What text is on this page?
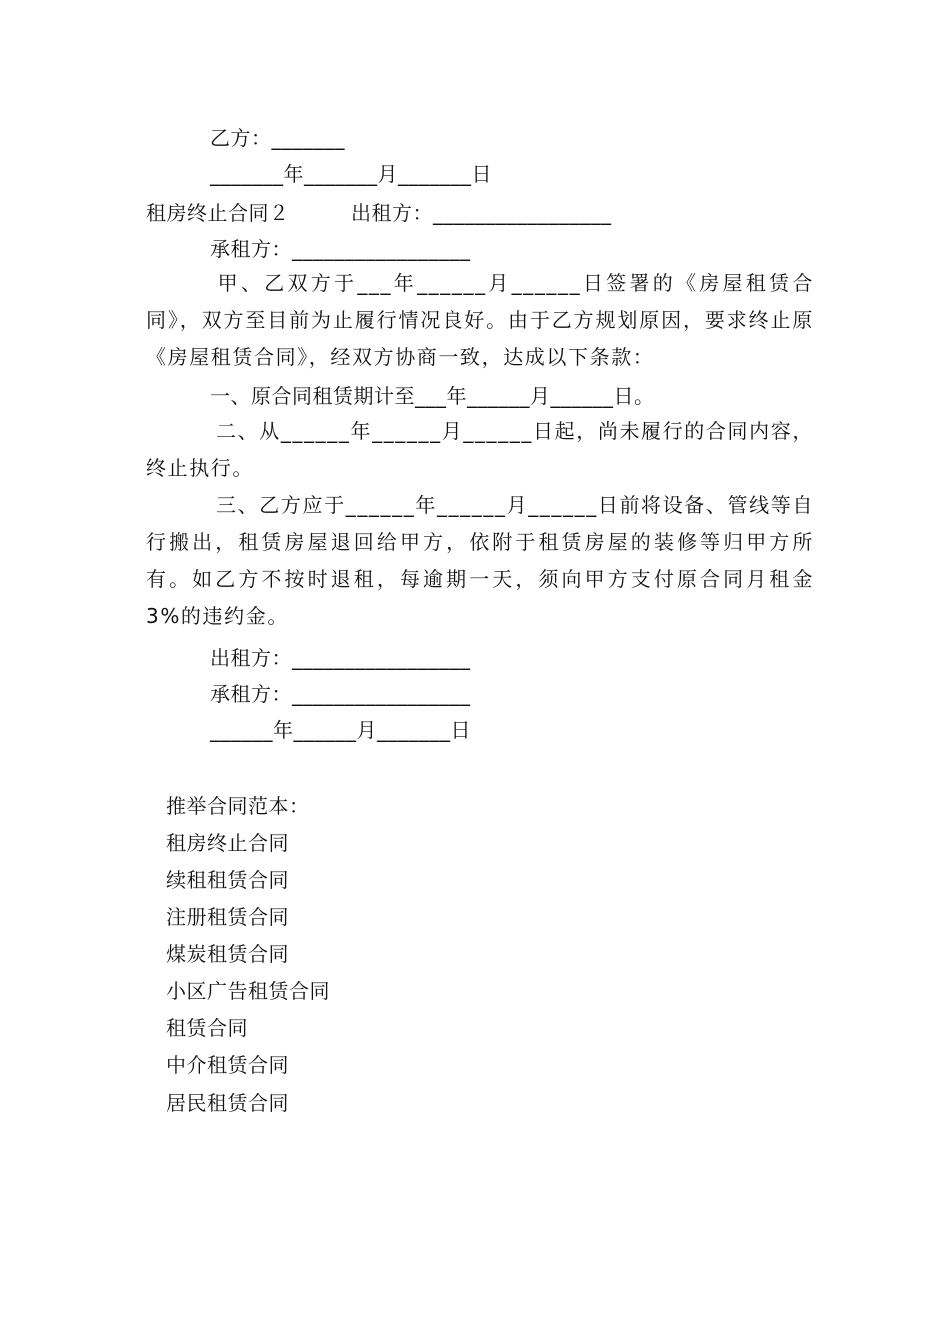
乙方：_______
_______年_______月_______日
租房终止合同２　　　出租方：_________________
承租方：_________________
甲、乙双方于___年______月______日签署的《房屋租赁合同》，双方至目前为止履行情况良好。由于乙方规划原因，要求终止原《房屋租赁合同》，经双方协商一致，达成以下条款：
一、原合同租赁期计至___年______月______日。
二、从______年______月______日起，尚未履行的合同内容，终止执行。
三、乙方应于______年______月______日前将设备、管线等自行搬出，租赁房屋退回给甲方，依附于租赁房屋的装修等归甲方所有。如乙方不按时退租，每逾期一天，须向甲方支付原合同月租金 3%的违约金。
出租方：_________________
承租方：_________________
______年______月_______日
推举合同范本：
租房终止合同
续租租赁合同
注册租赁合同
煤炭租赁合同
小区广告租赁合同
租赁合同
中介租赁合同
居民租赁合同
